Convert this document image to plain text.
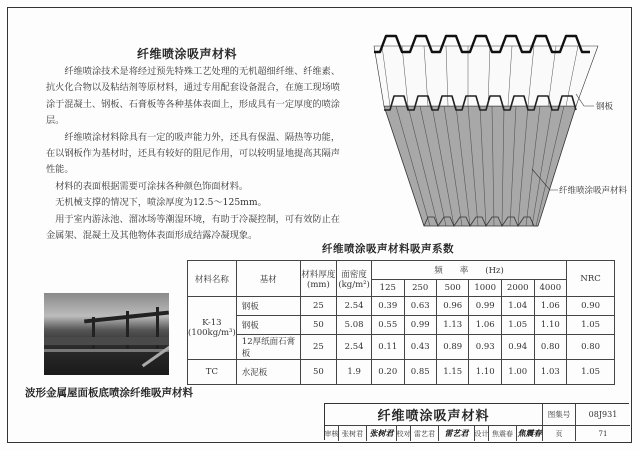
纤维喷涂吸声材料

纤维喷涂技术是将经过预先特殊工艺处理的无机超细纤维、纤维素、抗火化合物以及粘结剂等原材料，通过专用配套设备混合，在施工现场喷涂于混凝土、钢板、石膏板等各种基体表面上，形成具有一定厚度的喷涂层。

纤维喷涂材料除具有一定的吸声能力外，还具有保温、隔热等功能，在以钢板作为基材时，还具有较好的阻尼作用，可以较明显地提高其隔声性能。

材料的表面根据需要可涂抹各种颜色饰面材料。

无机械支撑的情况下，喷涂厚度为12.5～125mm。

用于室内游泳池、溜冰场等潮湿环境，有助于冷凝控制，可有效防止在金属架、混凝土及其他物体表面形成结露冷凝现象。

钢板
纤维喷涂吸声材料
纤维喷涂吸声材料吸声系数
材料名称	基材	材料厚度
(mm)

面密度
(kg/m²)
	频　　率　　(Hz)	NRC
				125	250	500	1000	2000	4000	

K-13
(100kg/m³)	钢板	25	2.54	0.39	0.63	0.96	0.99	1.04	1.06	0.90
	钢板	50	5.08	0.55	0.99	1.13	1.06	1.05	1.10	1.05
	12厚纸面石膏板	25	2.54	0.11	0.43	0.89	0.93	0.94	0.80	0.80
TC	水泥板	50	1.9	0.20	0.85	1.15	1.10	1.00	1.03	1.05
波形金属屋面板底喷涂纤维吸声材料
纤维喷涂吸声材料	图集号	08J931
审核 张树君 张树君 校对 雷艺君	雷艺君 设计 焦震春 焦震春	页	71
